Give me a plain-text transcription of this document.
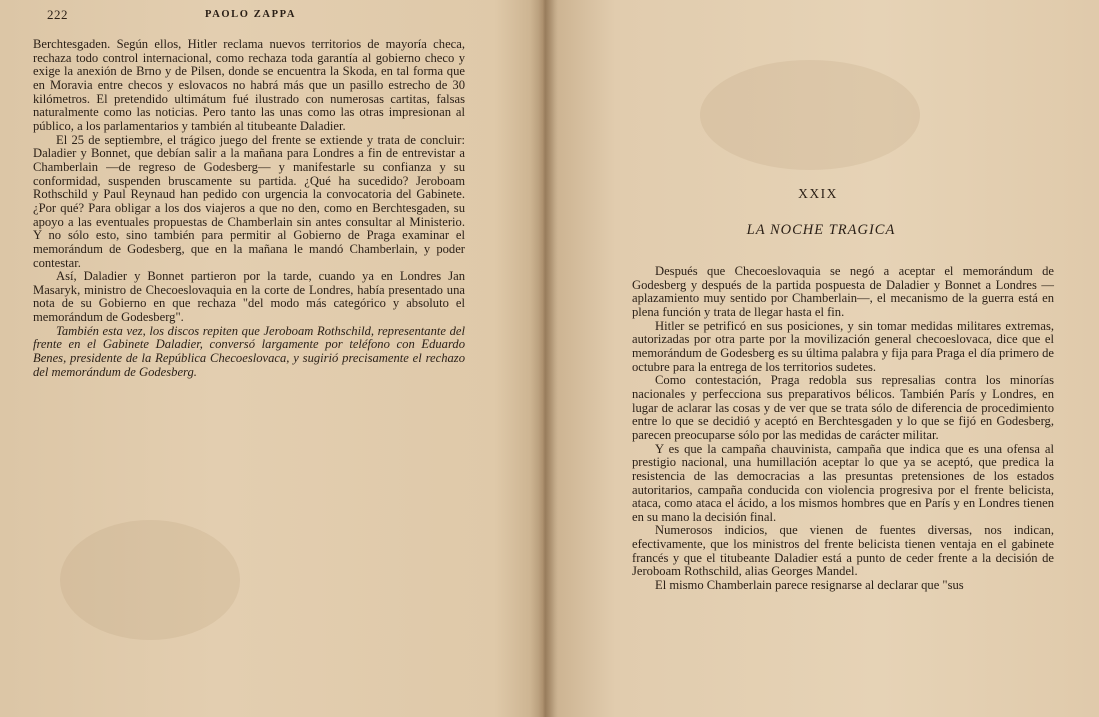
222	PAOLO ZAPPA

Berchtesgaden. Según ellos, Hitler reclama nuevos territorios de mayoría checa, rechaza todo control internacional, como rechaza toda garantía al gobierno checo y exige la anexión de Brno y de Pilsen, donde se encuentra la Skoda, en tal forma que en Moravia entre checos y eslovacos no habrá más que un pasillo estrecho de 30 kilómetros. El pretendido ultimátum fué ilustrado con numerosas cartitas, falsas naturalmente como las noticias. Pero tanto las unas como las otras impresionan al público, a los parlamentarios y también al titubeante Daladier.

El 25 de septiembre, el trágico juego del frente se extiende y trata de concluir: Daladier y Bonnet, que debían salir a la mañana para Londres a fin de entrevistar a Chamberlain —de regreso de Godesberg— y manifestarle su confianza y su conformidad, suspenden bruscamente su partida. ¿Qué ha sucedido? Jeroboam Rothschild y Paul Reynaud han pedido con urgencia la convocatoria del Gabinete. ¿Por qué? Para obligar a los dos viajeros a que no den, como en Berchtesgaden, su apoyo a las eventuales propuestas de Chamberlain sin antes consultar al Ministerio. Y no sólo esto, sino también para permitir al Gobierno de Praga examinar el memorándum de Godesberg, que en la mañana le mandó Chamberlain, y poder contestar.

Así, Daladier y Bonnet partieron por la tarde, cuando ya en Londres Jan Masaryk, ministro de Checoeslovaquia en la corte de Londres, había presentado una nota de su Gobierno en que rechaza "del modo más categórico y absoluto el memorándum de Godesberg".

También esta vez, los discos repiten que Jeroboam Rothschild, representante del frente en el Gabinete Daladier, conversó largamente por teléfono con Eduardo Benes, presidente de la República Checoeslovaca, y sugirió precisamente el rechazo del memorándum de Godesberg.

XXIX
LA NOCHE TRAGICA

Después que Checoeslovaquia se negó a aceptar el memorándum de Godesberg y después de la partida pospuesta de Daladier y Bonnet a Londres —aplazamiento muy sentido por Chamberlain—, el mecanismo de la guerra está en plena función y trata de llegar hasta el fin.

Hitler se petrificó en sus posiciones, y sin tomar medidas militares extremas, autorizadas por otra parte por la movilización general checoeslovaca, dice que el memorándum de Godesberg es su última palabra y fija para Praga el día primero de octubre para la entrega de los territorios sudetes.

Como contestación, Praga redobla sus represalias contra los minorías nacionales y perfecciona sus preparativos bélicos. También París y Londres, en lugar de aclarar las cosas y de ver que se trata sólo de diferencia de procedimiento entre lo que se decidió y aceptó en Berchtesgaden y lo que se fijó en Godesberg, parecen preocuparse sólo por las medidas de carácter militar.

Y es que la campaña chauvinista, campaña que indica que es una ofensa al prestigio nacional, una humillación aceptar lo que ya se aceptó, que predica la resistencia de las democracias a las presuntas pretensiones de los estados autoritarios, campaña conducida con violencia progresiva por el frente belicista, ataca, como ataca el ácido, a los mismos hombres que en París y en Londres tienen en su mano la decisión final.

Numerosos indicios, que vienen de fuentes diversas, nos indican, efectivamente, que los ministros del frente belicista tienen ventaja en el gabinete francés y que el titubeante Daladier está a punto de ceder frente a la decisión de Jeroboam Rothschild, alias Georges Mandel.

El mismo Chamberlain parece resignarse al declarar que "sus
